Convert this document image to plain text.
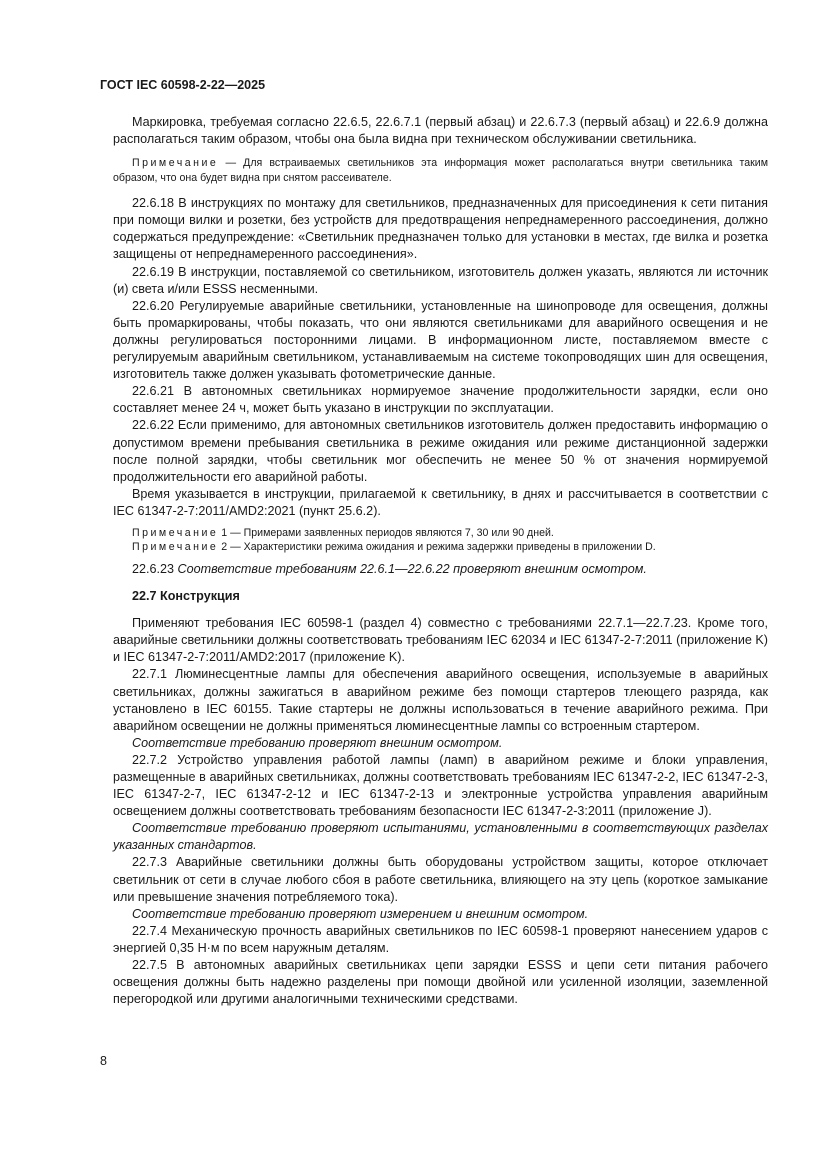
ГОСТ IEC 60598-2-22—2025

Маркировка, требуемая согласно 22.6.5, 22.6.7.1 (первый абзац) и 22.6.7.3 (первый абзац) и 22.6.9 должна располагаться таким образом, чтобы она была видна при техническом обслуживании светильника.

Примечание — Для встраиваемых светильников эта информация может располагаться внутри светильника таким образом, что она будет видна при снятом рассеивателе.

22.6.18 В инструкциях по монтажу для светильников, предназначенных для присоединения к сети питания при помощи вилки и розетки, без устройств для предотвращения непреднамеренного рассоединения, должно содержаться предупреждение: «Светильник предназначен только для установки в местах, где вилка и розетка защищены от непреднамеренного рассоединения».

22.6.19 В инструкции, поставляемой со светильником, изготовитель должен указать, являются ли источник (и) света и/или ESSS несменными.

22.6.20 Регулируемые аварийные светильники, установленные на шинопроводе для освещения, должны быть промаркированы, чтобы показать, что они являются светильниками для аварийного освещения и не должны регулироваться посторонними лицами. В информационном листе, поставляемом вместе с регулируемым аварийным светильником, устанавливаемым на системе токопроводящих шин для освещения, изготовитель также должен указывать фотометрические данные.

22.6.21 В автономных светильниках нормируемое значение продолжительности зарядки, если оно составляет менее 24 ч, может быть указано в инструкции по эксплуатации.

22.6.22 Если применимо, для автономных светильников изготовитель должен предоставить информацию о допустимом времени пребывания светильника в режиме ожидания или режиме дистанционной задержки после полной зарядки, чтобы светильник мог обеспечить не менее 50 % от значения нормируемой продолжительности его аварийной работы.

Время указывается в инструкции, прилагаемой к светильнику, в днях и рассчитывается в соответствии с IEC 61347-2-7:2011/AMD2:2021 (пункт 25.6.2).

Примечание 1 — Примерами заявленных периодов являются 7, 30 или 90 дней.

Примечание 2 — Характеристики режима ожидания и режима задержки приведены в приложении D.

22.6.23 Соответствие требованиям 22.6.1—22.6.22 проверяют внешним осмотром.

22.7 Конструкция

Применяют требования IEC 60598-1 (раздел 4) совместно с требованиями 22.7.1—22.7.23. Кроме того, аварийные светильники должны соответствовать требованиям IEC 62034 и IEC 61347-2-7:2011 (приложение K) и IEC 61347-2-7:2011/AMD2:2017 (приложение K).

22.7.1 Люминесцентные лампы для обеспечения аварийного освещения, используемые в аварийных светильниках, должны зажигаться в аварийном режиме без помощи стартеров тлеющего разряда, как установлено в IEC 60155. Такие стартеры не должны использоваться в течение аварийного режима. При аварийном освещении не должны применяться люминесцентные лампы со встроенным стартером.

Соответствие требованию проверяют внешним осмотром.

22.7.2 Устройство управления работой лампы (ламп) в аварийном режиме и блоки управления, размещенные в аварийных светильниках, должны соответствовать требованиям IEC 61347-2-2, IEC 61347-2-3, IEC 61347-2-7, IEC 61347-2-12 и IEC 61347-2-13 и электронные устройства управления аварийным освещением должны соответствовать требованиям безопасности IEC 61347-2-3:2011 (приложение J).

Соответствие требованию проверяют испытаниями, установленными в соответствующих разделах указанных стандартов.

22.7.3 Аварийные светильники должны быть оборудованы устройством защиты, которое отключает светильник от сети в случае любого сбоя в работе светильника, влияющего на эту цепь (короткое замыкание или превышение значения потребляемого тока).

Соответствие требованию проверяют измерением и внешним осмотром.

22.7.4 Механическую прочность аварийных светильников по IEC 60598-1 проверяют нанесением ударов с энергией 0,35 Н·м по всем наружным деталям.

22.7.5 В автономных аварийных светильниках цепи зарядки ESSS и цепи сети питания рабочего освещения должны быть надежно разделены при помощи двойной или усиленной изоляции, заземленной перегородкой или другими аналогичными техническими средствами.

8
